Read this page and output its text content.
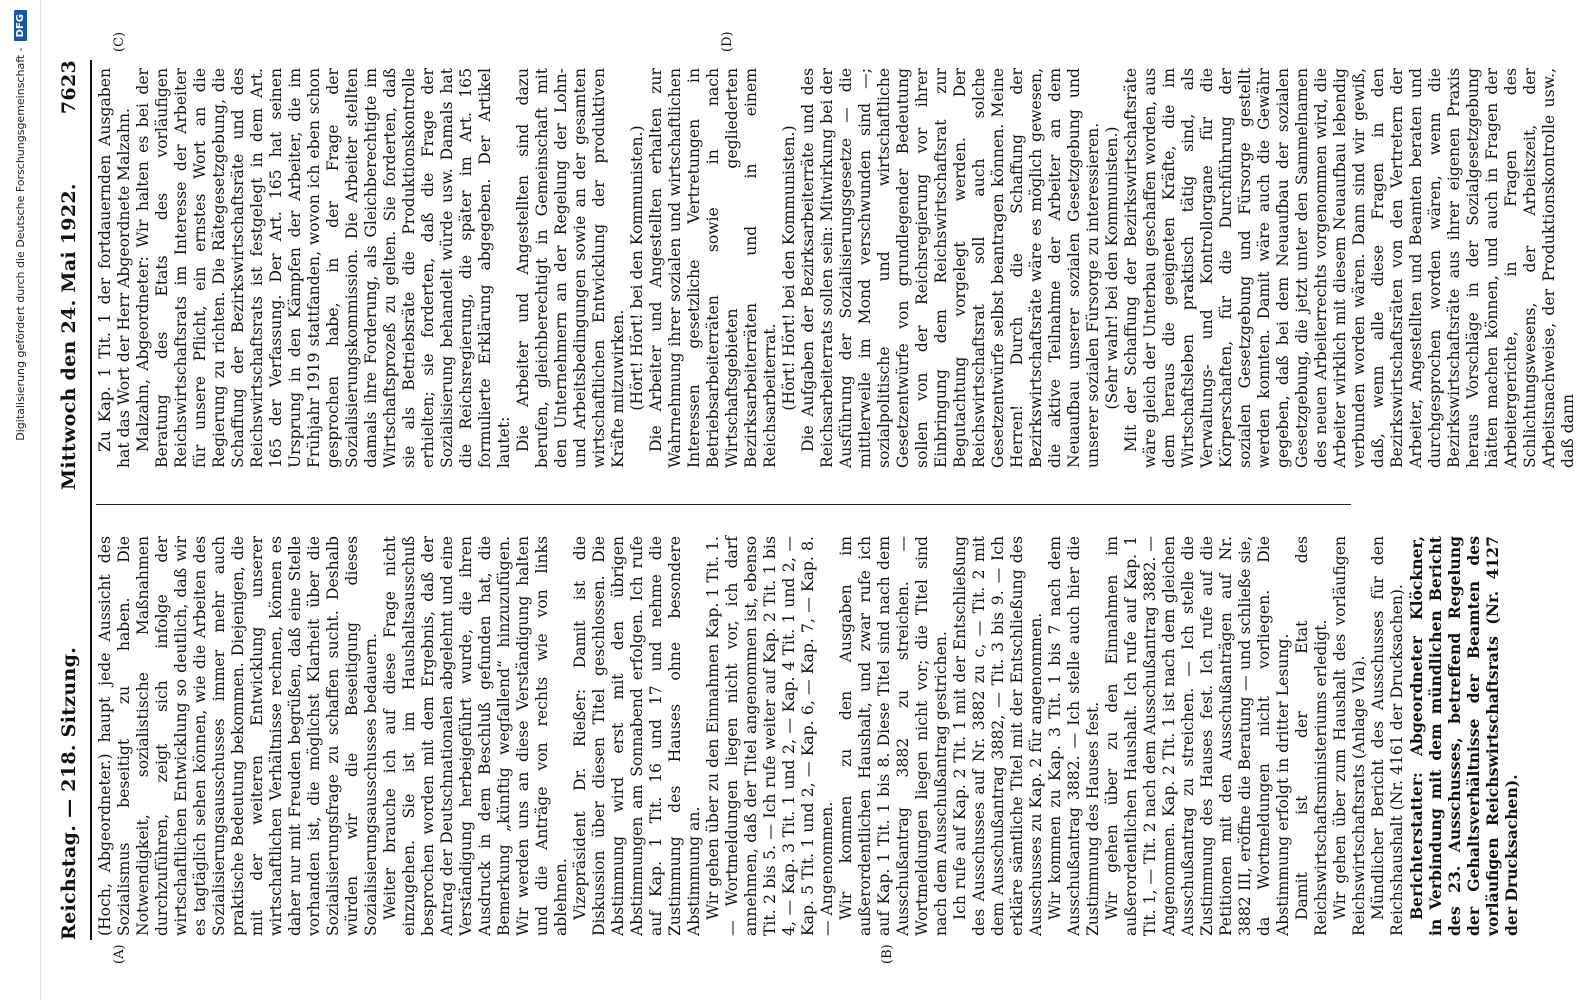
Digitalisierung gefördert durch die Deutsche Forschungsgemeinschaft -
DFG
Reichstag. — 218. Sitzung.
Mittwoch den 24. Mai 1922.
7623
(A)	(B)
(C)	(D)

(Hoch, Abgeordneter.) haupt jede Aussicht des Sozialismus beseitigt zu haben. Die Notwendigkeit, sozialistische Maßnahmen durchzuführen, zeigt sich infolge der wirtschaftlichen Entwicklung so deutlich, daß wir es tagtäglich sehen können, wie die Arbeiten des Sozialisierungsausschusses immer mehr auch praktische Bedeutung bekommen. Diejenigen, die mit der weiteren Entwicklung unserer wirtschaftlichen Verhältnisse rechnen, können es daher nur mit Freuden begrüßen, daß eine Stelle vorhanden ist, die möglichst Klarheit über die Sozialisierungsfrage zu schaffen sucht. Deshalb würden wir die Beseitigung dieses Sozialisierungsausschusses bedauern. Weiter brauche ich auf diese Frage nicht einzugehen. Sie ist im Haushaltsausschuß besprochen worden mit dem Ergebnis, daß der Antrag der Deutschnationalen abgelehnt und eine Verständigung herbeigeführt wurde, die ihren Ausdruck in dem Beschluß gefunden hat, die Bemerkung „künftig wegfallend“ hinzuzufügen. Wir werden uns an diese Verständigung halten und die Anträge von rechts wie von links ablehnen. Vizepräsident Dr. Rießer: Damit ist die Diskussion über diesen Titel geschlossen. Die Abstimmung wird erst mit den übrigen Abstimmungen am Sonnabend erfolgen. Ich rufe auf Kap. 1 Tit. 16 und 17 und nehme die Zustimmung des Hauses ohne besondere Abstimmung an. Wir gehen über zu den Einnahmen Kap. 1 Tit. 1. — Wortmeldungen liegen nicht vor, ich darf annehmen, daß der Titel angenommen ist, ebenso Tit. 2 bis 5. — Ich rufe weiter auf Kap. 2 Tit. 1 bis 4, — Kap. 3 Tit. 1 und 2, — Kap. 4 Tit. 1 und 2, — Kap. 5 Tit. 1 und 2, — Kap. 6, — Kap. 7, — Kap. 8. — Angenommen. Wir kommen zu den Ausgaben im außerordentlichen Haushalt, und zwar rufe ich auf Kap. 1 Tit. 1 bis 8. Diese Titel sind nach dem Ausschußantrag 3882 zu streichen. — Wortmeldungen liegen nicht vor; die Titel sind nach dem Ausschußantrag gestrichen. Ich rufe auf Kap. 2 Tit. 1 mit der Entschließung des Ausschusses auf Nr. 3882 zu c, — Tit. 2 mit dem Ausschußantrag 3882, — Tit. 3 bis 9. — Ich erkläre sämtliche Titel mit der Entschließung des Ausschusses zu Kap. 2 für angenommen. Wir kommen zu Kap. 3 Tit. 1 bis 7 nach dem Ausschußantrag 3882. — Ich stelle auch hier die Zustimmung des Hauses fest. Wir gehen über zu den Einnahmen im außerordentlichen Haushalt. Ich rufe auf Kap. 1 Tit. 1, — Tit. 2 nach dem Ausschußantrag 3882. — Angenommen. Kap. 2 Tit. 1 ist nach dem gleichen Ausschußantrag zu streichen. — Ich stelle die Zustimmung des Hauses fest. Ich rufe auf die Petitionen mit den Ausschußanträgen auf Nr. 3882 III, eröffne die Beratung — und schließe sie, da Wortmeldungen nicht vorliegen. Die Abstimmung erfolgt in dritter Lesung. Damit ist der Etat des Reichswirtschaftsministeriums erledigt. Wir gehen über zum Haushalt des vorläufigen Reichswirtschaftsrats (Anlage VIa). Mündlicher Bericht des Ausschusses für den Reichshaushalt (Nr. 4161 der Drucksachen). Berichterstatter: Abgeordneter Klöckner, in Verbindung mit dem mündlichen Bericht des 23. Ausschusses, betreffend Regelung der Gehaltsverhältnisse der Beamten des vorläufigen Reichswirtschaftsrats (Nr. 4127 der Drucksachen).

Zu Kap. 1 Tit. 1 der fortdauernden Ausgaben hat das Wort der Herr Abgeordnete Malzahn. Malzahn, Abgeordneter: Wir halten es bei der Beratung des Etats des vorläufigen Reichswirtschaftsrats im Interesse der Arbeiter für unsere Pflicht, ein ernstes Wort an die Regierung zu richten. Die Rätegesetzgebung, die Schaffung der Bezirkswirtschaftsräte und des Reichswirtschaftsrats ist festgelegt in dem Art. 165 der Verfassung. Der Art. 165 hat seinen Ursprung in den Kämpfen der Arbeiter, die im Frühjahr 1919 stattfanden, wovon ich eben schon gesprochen habe, in der Frage der Sozialisierungskommission. Die Arbeiter stellten damals ihre Forderung, als Gleichberechtigte im Wirtschaftsprozeß zu gelten. Sie forderten, daß sie als Betriebsräte die Produktionskontrolle erhielten; sie forderten, daß die Frage der Sozialisierung behandelt würde usw. Damals hat die Reichsregierung, die später im Art. 165 formulierte Erklärung abgegeben. Der Artikel lautet: Die Arbeiter und Angestellten sind dazu berufen, gleichberechtigt in Gemeinschaft mit den Unternehmern an der Regelung der Lohn- und Arbeitsbedingungen sowie an der gesamten wirtschaftlichen Entwicklung der produktiven Kräfte mitzuwirken. (Hört! Hört! bei den Kommunisten.) Die Arbeiter und Angestellten erhalten zur Wahrnehmung ihrer sozialen und wirtschaftlichen Interessen gesetzliche Vertretungen in Betriebsarbeiterräten sowie in nach Wirtschaftsgebieten gegliederten Bezirksarbeiterräten und in einem Reichsarbeiterrat. (Hört! Hört! bei den Kommunisten.) Die Aufgaben der Bezirksarbeiterräte und des Reichsarbeiterrats sollen sein: Mitwirkung bei der Ausführung der Sozialisierungsgesetze — die mittlerweile im Mond verschwunden sind —; sozialpolitische und wirtschaftliche Gesetzentwürfe von grundlegender Bedeutung sollen von der Reichsregierung vor ihrer Einbringung dem Reichswirtschaftsrat zur Begutachtung vorgelegt werden. Der Reichswirtschaftsrat soll auch solche Gesetzentwürfe selbst beantragen können. Meine Herren! Durch die Schaffung der Bezirkswirtschaftsräte wäre es möglich gewesen, die aktive Teilnahme der Arbeiter an dem Neuaufbau unserer sozialen Gesetzgebung und unserer sozialen Fürsorge zu interessieren. (Sehr wahr! bei den Kommunisten.) Mit der Schaffung der Bezirkswirtschaftsräte wäre gleich der Unterbau geschaffen worden, aus dem heraus die geeigneten Kräfte, die im Wirtschaftsleben praktisch tätig sind, als Verwaltungs- und Kontrollorgane für die Körperschaften, für die Durchführung der sozialen Gesetzgebung und Fürsorge gestellt werden konnten. Damit wäre auch die Gewähr gegeben, daß bei dem Neuaufbau der sozialen Gesetzgebung, die jetzt unter den Sammelnamen des neuen Arbeiterrechts vorgenommen wird, die Arbeiter wirklich mit diesem Neuaufbau lebendig verbunden worden wären. Dann sind wir gewiß, daß, wenn alle diese Fragen in den Bezirkswirtschaftsräten von den Vertretern der Arbeiter, Angestellten und Beamten beraten und durchgesprochen worden wären, wenn die Bezirkswirtschaftsräte aus ihrer eigenen Praxis heraus Vorschläge in der Sozialgesetzgebung hätten machen können, und auch in Fragen der Arbeitergerichte, in Fragen des Schlichtungswesens, der Arbeitszeit, der Arbeitsnachweise, der Produktionskontrolle usw., daß dann
